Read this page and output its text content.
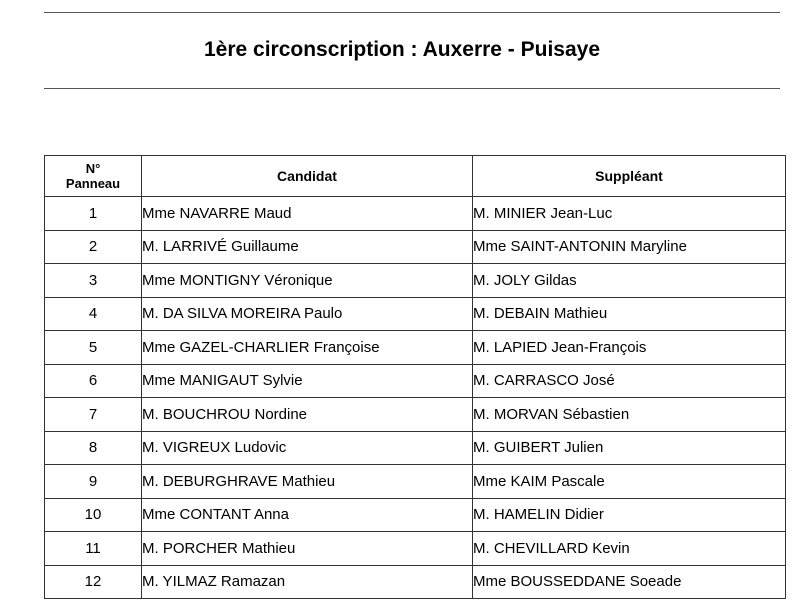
1ère circonscription : Auxerre - Puisaye
N°
Panneau	Candidat	Suppléant
1	Mme NAVARRE Maud	M. MINIER Jean-Luc
2	M. LARRIVÉ Guillaume	Mme SAINT-ANTONIN Maryline
3	Mme MONTIGNY Véronique	M. JOLY Gildas
4	M. DA SILVA MOREIRA Paulo	M. DEBAIN Mathieu
5	Mme GAZEL-CHARLIER Françoise	M. LAPIED Jean-François
6	Mme MANIGAUT Sylvie	M. CARRASCO José
7	M. BOUCHROU Nordine	M. MORVAN Sébastien
8	M. VIGREUX Ludovic	M. GUIBERT Julien
9	M. DEBURGHRAVE Mathieu	Mme KAIM Pascale
10	Mme CONTANT Anna	M. HAMELIN Didier
11	M. PORCHER Mathieu	M. CHEVILLARD Kevin
12	M. YILMAZ Ramazan	Mme BOUSSEDDANE Soeade
